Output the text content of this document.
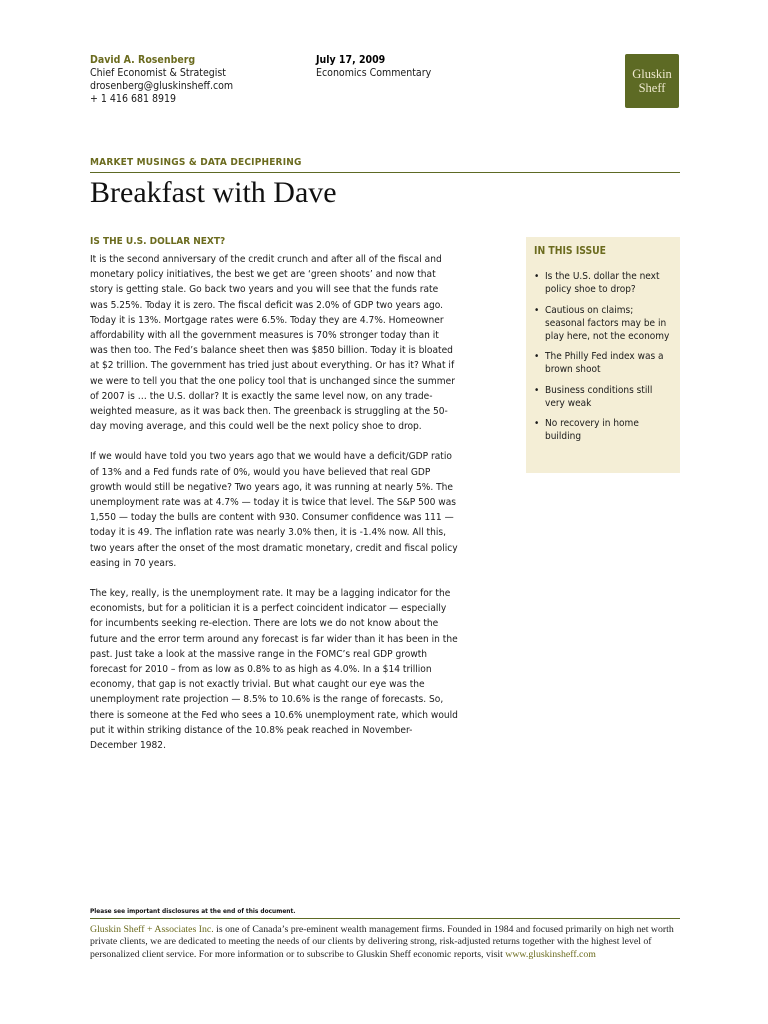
David A. Rosenberg
Chief Economist & Strategist
drosenberg@gluskinsheff.com
+ 1 416 681 8919
July 17, 2009
Economics Commentary	Gluskin
Sheff
MARKET MUSINGS & DATA DECIPHERING
Breakfast with Dave
IS THE U.S. DOLLAR NEXT?

It is the second anniversary of the credit crunch and after all of the fiscal and monetary policy initiatives, the best we get are ‘green shoots’ and now that story is getting stale. Go back two years and you will see that the funds rate was 5.25%. Today it is zero. The fiscal deficit was 2.0% of GDP two years ago. Today it is 13%. Mortgage rates were 6.5%. Today they are 4.7%. Homeowner affordability with all the government measures is 70% stronger today than it was then too. The Fed’s balance sheet then was $850 billion. Today it is bloated at $2 trillion. The government has tried just about everything. Or has it? What if we were to tell you that the one policy tool that is unchanged since the summer of 2007 is … the U.S. dollar? It is exactly the same level now, on any trade-weighted measure, as it was back then. The greenback is struggling at the 50-day moving average, and this could well be the next policy shoe to drop.

If we would have told you two years ago that we would have a deficit/GDP ratio of 13% and a Fed funds rate of 0%, would you have believed that real GDP growth would still be negative? Two years ago, it was running at nearly 5%. The unemployment rate was at 4.7% — today it is twice that level. The S&P 500 was 1,550 — today the bulls are content with 930. Consumer confidence was 111 — today it is 49. The inflation rate was nearly 3.0% then, it is -1.4% now. All this, two years after the onset of the most dramatic monetary, credit and fiscal policy easing in 70 years.

The key, really, is the unemployment rate. It may be a lagging indicator for the economists, but for a politician it is a perfect coincident indicator — especially for incumbents seeking re-election. There are lots we do not know about the future and the error term around any forecast is far wider than it has been in the past. Just take a look at the massive range in the FOMC’s real GDP growth forecast for 2010 – from as low as 0.8% to as high as 4.0%. In a $14 trillion economy, that gap is not exactly trivial. But what caught our eye was the unemployment rate projection — 8.5% to 10.6% is the range of forecasts. So, there is someone at the Fed who sees a 10.6% unemployment rate, which would put it within striking distance of the 10.8% peak reached in November-December 1982.

IN THIS ISSUE
• Is the U.S. dollar the next policy shoe to drop?
• Cautious on claims; seasonal factors may be in play here, not the economy
• The Philly Fed index was a brown shoot
• Business conditions still very weak
• No recovery in home building
Please see important disclosures at the end of this document.
Gluskin Sheff + Associates Inc. is one of Canada’s pre-eminent wealth management firms. Founded in 1984 and focused primarily on high net worth private clients, we are dedicated to meeting the needs of our clients by delivering strong, risk-adjusted returns together with the highest level of personalized client service. For more information or to subscribe to Gluskin Sheff economic reports, visit www.gluskinsheff.com
